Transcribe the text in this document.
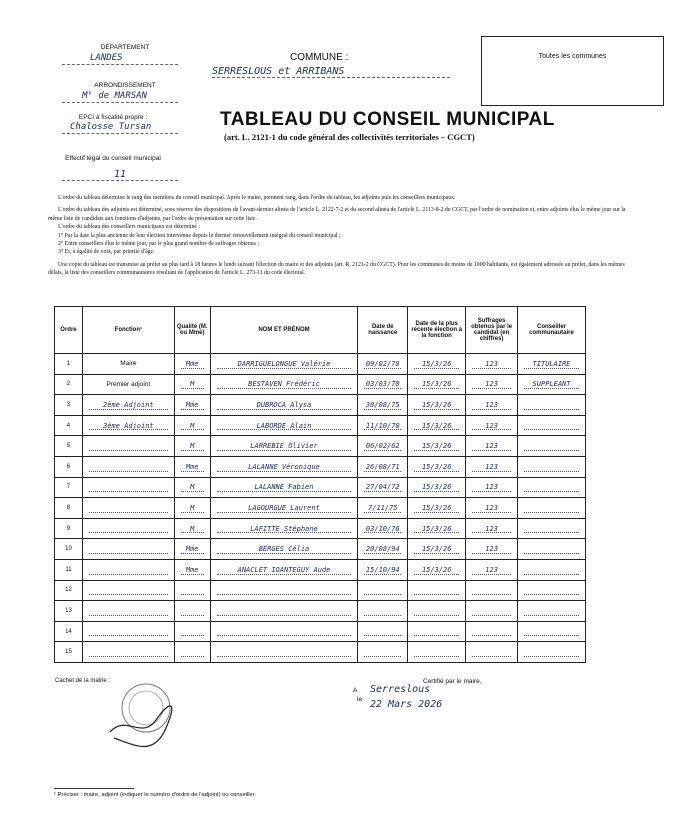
DÉPARTEMENT
LANDES
ARRONDISSEMENT
Mᵗ de MARSAN
EPCI à fiscalité propre :
Chalosse Tursan
Effectif légal du conseil municipal
11
COMMUNE :
SERRESLOUS et ARRIBANS
Toutes les communes
TABLEAU DU CONSEIL MUNICIPAL
(art. L. 2121-1 du code général des collectivités territoriales – CGCT)

L'ordre du tableau détermine le rang des membres du conseil municipal. Après le maire, prennent rang, dans l'ordre du tableau, les adjoints puis les conseillers municipaux.

L'ordre du tableau des adjoints est déterminé, sous réserve des dispositions de l'avant-dernier alinéa de l'article L. 2122-7-2 et du second alinéa de l'article L. 2113-8-2 du CGCT, par l'ordre de nomination et, entre adjoints élus le même jour sur la même liste de candidats aux fonctions d'adjoints, par l'ordre de présentation sur cette liste.

L'ordre du tableau des conseillers municipaux est déterminé :

1° Par la date la plus ancienne de leur élection intervenue depuis le dernier renouvellement intégral du conseil municipal ;

2° Entre conseillers élus le même jour, par le plus grand nombre de suffrages obtenus ;

3° Et, à égalité de voix, par priorité d'âge.

Une copie du tableau est transmise au préfet au plus tard à 18 heures le lundi suivant l'élection du maire et des adjoints (art. R. 2121-2 du CGCT). Pour les communes de moins de 1000 habitants, est également adressée au préfet, dans les mêmes délais, la liste des conseillers communautaires résultant de l'application de l'article L. 273-11 du code électoral.

Ordre	Fonction¹	Qualité (M. ou Mme)	NOM ET PRÉNOM	Date de naissance	Date de la plus récente élection à la fonction	Suffrages obtenus par le candidat (en chiffres)	Conseiller communautaire
1	Maire	Mme	DARRIGUELONGUE Valérie	09/02/78	15/3/26	123	TITULAIRE
2	Premier adjoint	M	BESTAVEN Frédéric	03/03/70	15/3/26	123	SUPPLEANT
3	2ème Adjoint	Mme	DUBROCA Alysa	30/08/75	15/3/26	123	

4	3ème Adjoint	M	LABORDE Alain	11/10/70	15/3/26	123	

5		M	LARREBIE Olivier	06/02/62	15/3/26	123	

6		Mme	LALANNE Véronique	26/08/71	15/3/26	123	

7		M	LALANNE Fabien	27/04/72	15/3/26	123	

8		M	LAGOURGUE Laurent	7/11/75	15/3/26	123	

9		M	LAFITTE Stéphane	03/10/76	15/3/26	123	

10		Mme	BERGES Célia	20/08/94	15/3/26	123	

11		Mme	ANACLET IOANTEGUY Aude	15/10/94	15/3/26	123	

12	

13	

14	

15	

Cachet de la mairie :	Certifié par le maire,
A
le
Serreslous
22 Mars 2026
¹ Préciser : maire, adjoint (indiquer le numéro d'ordre de l'adjoint) ou conseiller.
